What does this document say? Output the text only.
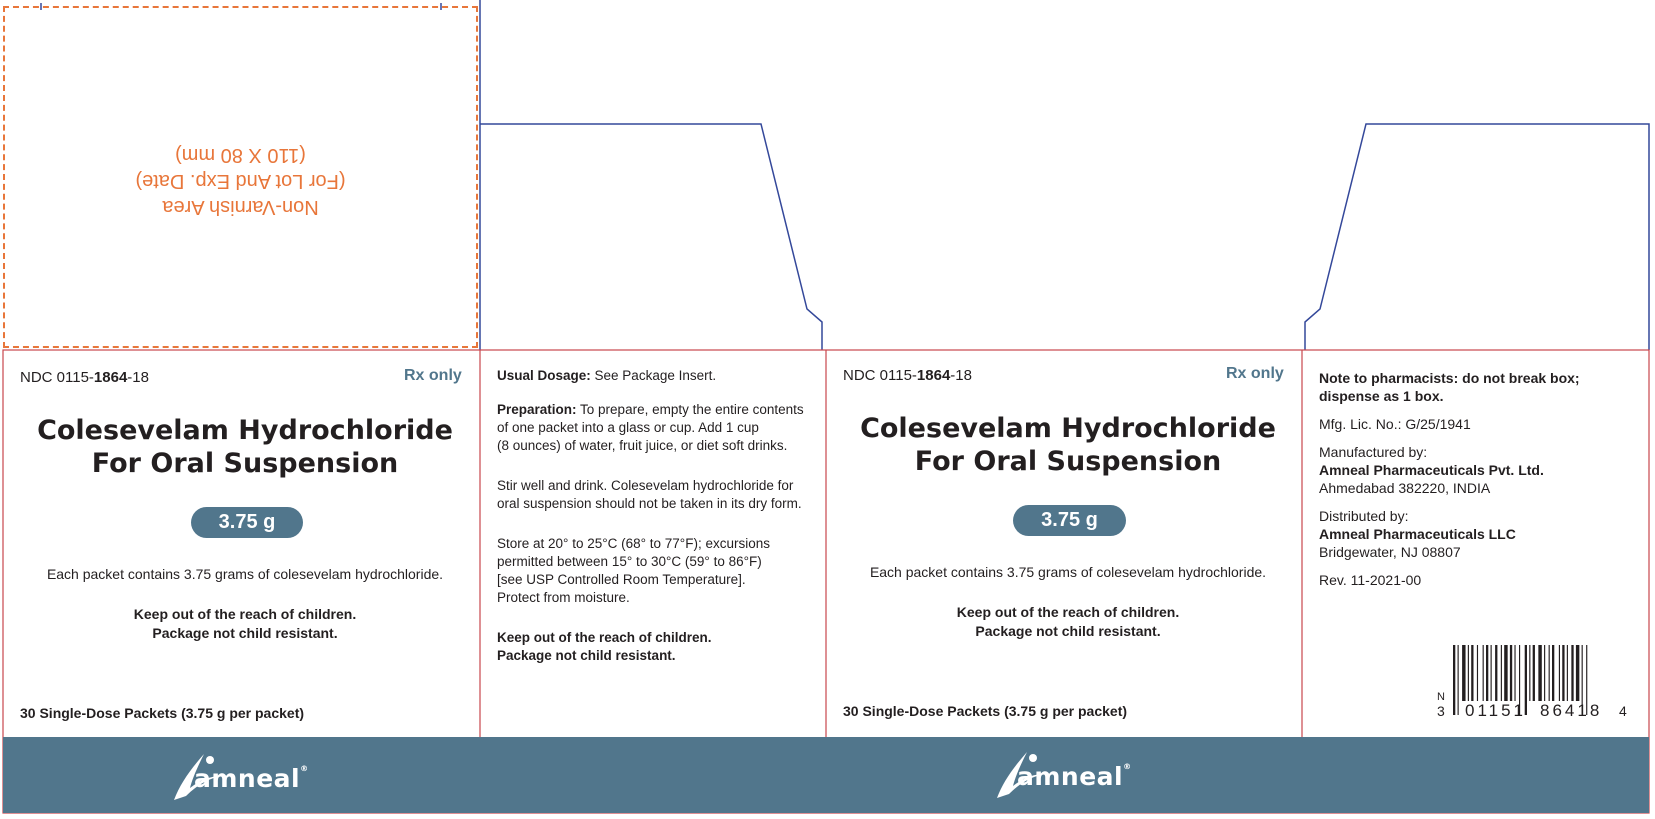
Non-Varnish Area
(For Lot And Exp. Date)
(110 X 80 mm)
NDC 0115-1864-18	Rx only
Colesevelam Hydrochloride
For Oral Suspension
3.75 g
Each packet contains 3.75 grams of colesevelam hydrochloride.
Keep out of the reach of children.
Package not child resistant.
30 Single-Dose Packets (3.75 g per packet)
amneal®

Usual Dosage: See Package Insert.

Preparation: To prepare, empty the entire contents
of one packet into a glass or cup. Add 1 cup
(8 ounces) of water, fruit juice, or diet soft drinks.

Stir well and drink. Colesevelam hydrochloride for
oral suspension should not be taken in its dry form.

Store at 20° to 25°C (68° to 77°F); excursions
permitted between 15° to 30°C (59° to 86°F)
[see USP Controlled Room Temperature].
Protect from moisture.

Keep out of the reach of children.
Package not child resistant.

NDC 0115-1864-18	Rx only
Colesevelam Hydrochloride
For Oral Suspension
3.75 g
Each packet contains 3.75 grams of colesevelam hydrochloride.
Keep out of the reach of children.
Package not child resistant.
30 Single-Dose Packets (3.75 g per packet)
amneal®

Note to pharmacists: do not break box;
dispense as 1 box.

Mfg. Lic. No.: G/25/1941

Manufactured by:
Amneal Pharmaceuticals Pvt. Ltd.
Ahmedabad 382220, INDIA

Distributed by:
Amneal Pharmaceuticals LLC
Bridgewater, NJ 08807

Rev. 11-2021-00

N
3 01151 86418 4
